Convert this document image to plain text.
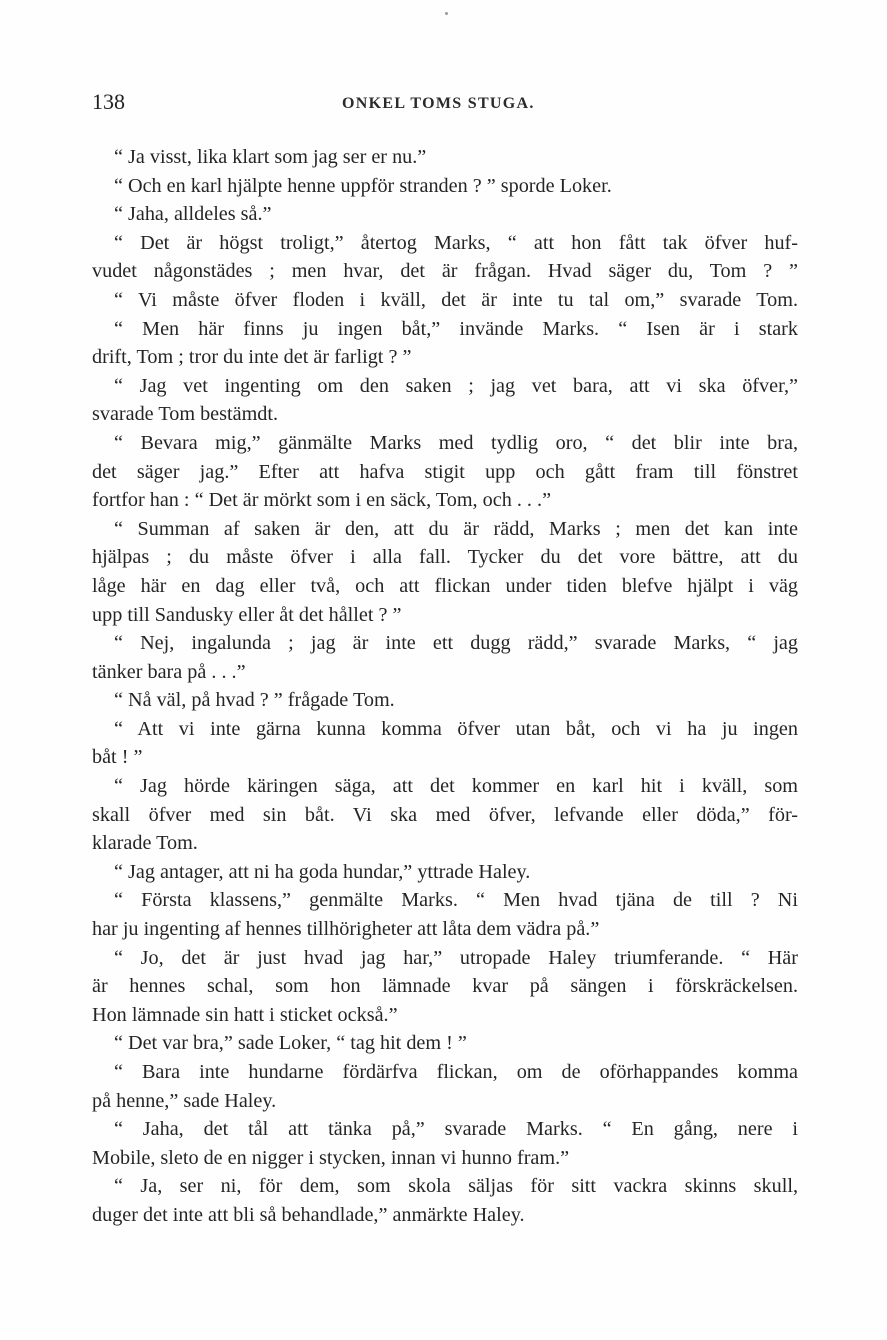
138	ONKEL TOMS STUGA.
“ Ja visst, lika klart som jag ser er nu.”
“ Och en karl hjälpte henne uppför stranden ? ” sporde Loker.
“ Jaha, alldeles så.”
“ Det är högst troligt,” återtog Marks, “ att hon fått tak öfver huf-
vudet någonstädes ; men hvar, det är frågan. Hvad säger du, Tom ? ”
“ Vi måste öfver floden i kväll, det är inte tu tal om,” svarade Tom.
“ Men här finns ju ingen båt,” invände Marks. “ Isen är i stark
drift, Tom ; tror du inte det är farligt ? ”
“ Jag vet ingenting om den saken ; jag vet bara, att vi ska öfver,”
svarade Tom bestämdt.
“ Bevara mig,” gänmälte Marks med tydlig oro, “ det blir inte bra,
det säger jag.” Efter att hafva stigit upp och gått fram till fönstret
fortfor han : “ Det är mörkt som i en säck, Tom, och . . .”
“ Summan af saken är den, att du är rädd, Marks ; men det kan inte
hjälpas ; du måste öfver i alla fall. Tycker du det vore bättre, att du
låge här en dag eller två, och att flickan under tiden blefve hjälpt i väg
upp till Sandusky eller åt det hållet ? ”
“ Nej, ingalunda ; jag är inte ett dugg rädd,” svarade Marks, “ jag
tänker bara på . . .”
“ Nå väl, på hvad ? ” frågade Tom.
“ Att vi inte gärna kunna komma öfver utan båt, och vi ha ju ingen
båt ! ”
“ Jag hörde käringen säga, att det kommer en karl hit i kväll, som
skall öfver med sin båt. Vi ska med öfver, lefvande eller döda,” för-
klarade Tom.
“ Jag antager, att ni ha goda hundar,” yttrade Haley.
“ Första klassens,” genmälte Marks. “ Men hvad tjäna de till ? Ni
har ju ingenting af hennes tillhörigheter att låta dem vädra på.”
“ Jo, det är just hvad jag har,” utropade Haley triumferande. “ Här
är hennes schal, som hon lämnade kvar på sängen i förskräckelsen.
Hon lämnade sin hatt i sticket också.”
“ Det var bra,” sade Loker, “ tag hit dem ! ”
“ Bara inte hundarne fördärfva flickan, om de oförhappandes komma
på henne,” sade Haley.
“ Jaha, det tål att tänka på,” svarade Marks. “ En gång, nere i
Mobile, sleto de en nigger i stycken, innan vi hunno fram.”
“ Ja, ser ni, för dem, som skola säljas för sitt vackra skinns skull,
duger det inte att bli så behandlade,” anmärkte Haley.
